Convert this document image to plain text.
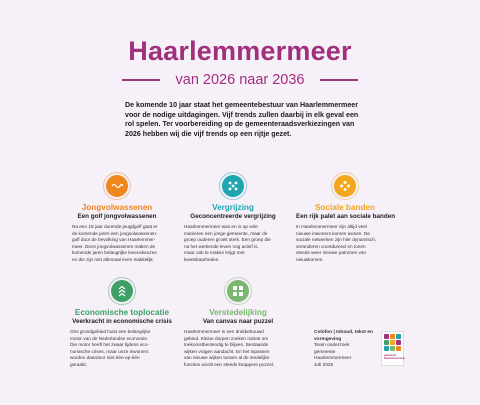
Haarlemmermeer
van 2026 naar 2036
De komende 10 jaar staat het gemeentebestuur van Haarlemmermeer voor de nodige uitdagingen. Vijf trends zullen daarbij in elk geval een rol spelen. Ter voorbereiding op de gemeenteraadsverkiezingen van 2026 hebben wij die vijf trends op een rijtje gezet.
Jongvolwassenen
Een golf jongvolwassenen
Na een 18 jaar durende jeugdgolf gaat er
de komende jaren een jongvolwassenen-
golf door de bevolking van Haarlemmer-
meer. Deze jongvolwassenen maken de
komende jaren belangrijke levenskeuzes
en die zijn niet allemaal even makkelijk.
Vergrijzing
Geconcentreerde vergrijzing
Haarlemmermeer was en is op vele
manieren een jonge gemeente, maar de
groep ouderen groeit sterk. Een groep die
na het werkende leven nog actief is,
maar ook te maken krijgt met
kwetsbaarheden.
Sociale banden
Een rijk palet aan sociale banden
In Haarlemmermeer zijn altijd veel
nieuwe inwoners komen wonen. De
sociale netwerken zijn hier dynamisch,
veranderen voortdurend en tonen
steeds weer nieuwe patronen van
nieuwkomen.
Economische topl​ocatie
Veerkracht in economische crisis
Ons grondgebied huist een belangrijke
motor van de Nederlandse economie.
Die motor heeft het zwaar tijdens eco-
nomische crises, maar onze inwoners
worden daardoor niet één-op-één
geraakt.
Verstedelijking
Van canvas naar puzzel
Haarlemmermeer is een druk​bebouwd
gebied. Kleine dorpen zoeken ruimte om
toekomstbestendig te blijven. Bestaande
wijken vragen aandacht. En het inpassen
van nieuwe wijken tussen al de stedelijke
functies wordt een steeds knappere puzzel.
Colofon | Inhoud, tekst en vormgeving
Team onderzoek
gemeente
Haarlemmermeer
Juli 2025
gemeente Haarlemmermeer
